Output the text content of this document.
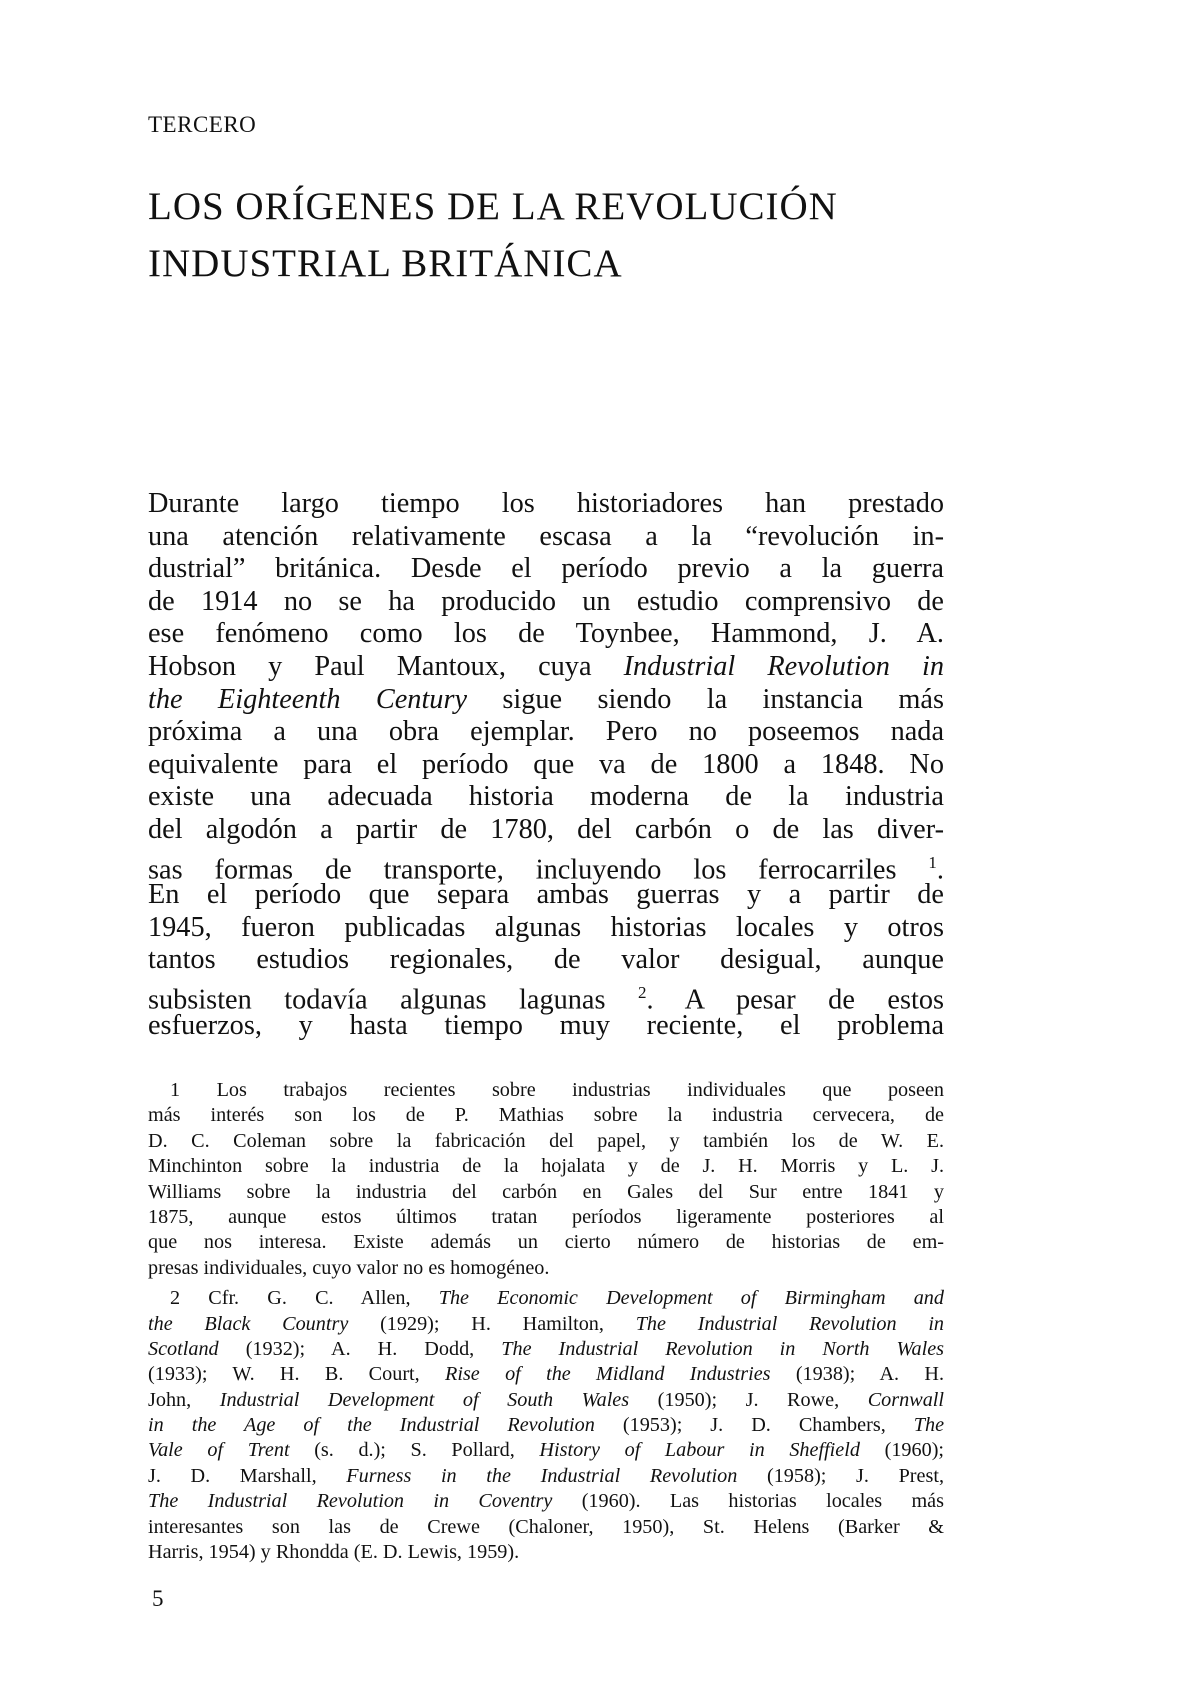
TERCERO
LOS ORÍGENES DE LA REVOLUCIÓN
INDUSTRIAL BRITÁNICA
Durante largo tiempo los historiadores han prestado
una atención relativamente escasa a la “revolución in-
dustrial” británica. Desde el período previo a la guerra
de 1914 no se ha producido un estudio comprensivo de
ese fenómeno como los de Toynbee, Hammond, J. A.
Hobson y Paul Mantoux, cuya Industrial Revolution in
the Eighteenth Century sigue siendo la instancia más
próxima a una obra ejemplar. Pero no poseemos nada
equivalente para el período que va de 1800 a 1848. No
existe una adecuada historia moderna de la industria
del algodón a partir de 1780, del carbón o de las diver-
sas formas de transporte, incluyendo los ferrocarriles $^1$.
En el período que separa ambas guerras y a partir de
1945, fueron publicadas algunas historias locales y otros
tantos estudios regionales, de valor desigual, aunque
subsisten todavía algunas lagunas $^2$. A pesar de estos
esfuerzos, y hasta tiempo muy reciente, el problema
1 Los trabajos recientes sobre industrias individuales que poseen
más interés son los de P. Mathias sobre la industria cervecera, de
D. C. Coleman sobre la fabricación del papel, y también los de W. E.
Minchinton sobre la industria de la hojalata y de J. H. Morris y L. J.
Williams sobre la industria del carbón en Gales del Sur entre 1841 y
1875, aunque estos últimos tratan períodos ligeramente posteriores al
que nos interesa. Existe además un cierto número de historias de em-
presas individuales, cuyo valor no es homogéneo.
2 Cfr. G. C. Allen, The Economic Development of Birmingham and
the Black Country (1929); H. Hamilton, The Industrial Revolution in
Scotland (1932); A. H. Dodd, The Industrial Revolution in North Wales
(1933); W. H. B. Court, Rise of the Midland Industries (1938); A. H.
John, Industrial Development of South Wales (1950); J. Rowe, Cornwall
in the Age of the Industrial Revolution (1953); J. D. Chambers, The
Vale of Trent (s. d.); S. Pollard, History of Labour in Sheffield (1960);
J. D. Marshall, Furness in the Industrial Revolution (1958); J. Prest,
The Industrial Revolution in Coventry (1960). Las historias locales más
interesantes son las de Crewe (Chaloner, 1950), St. Helens (Barker &
Harris, 1954) y Rhondda (E. D. Lewis, 1959).
5
